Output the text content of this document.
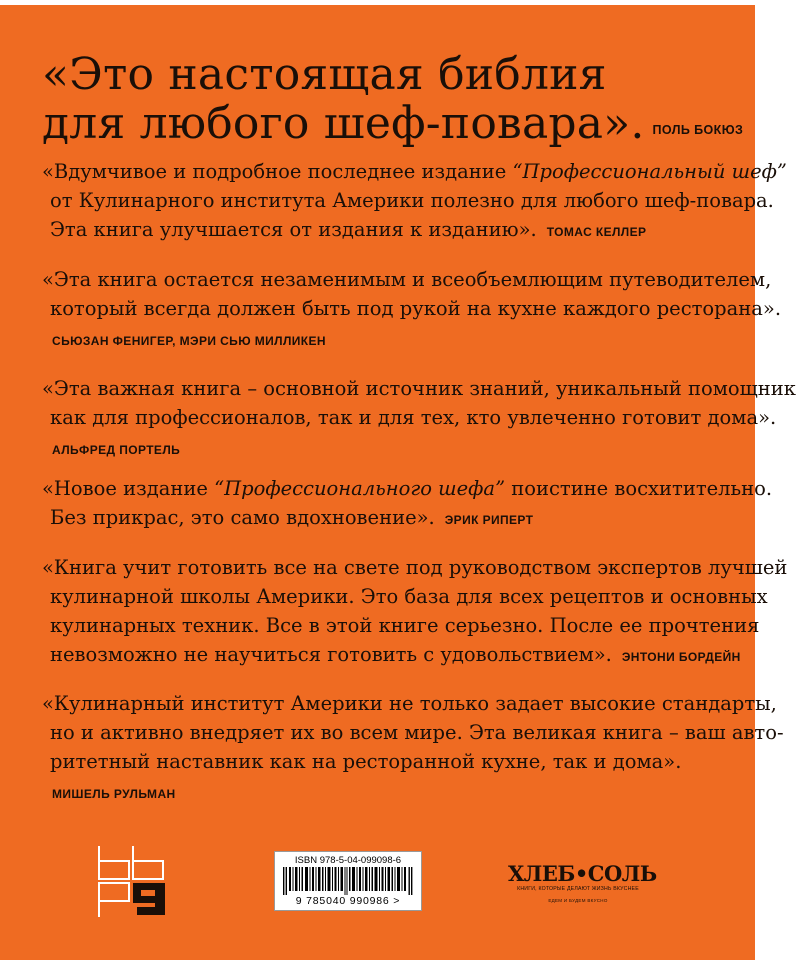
«Это настоящая библия
для любого шеф-повара». ПОЛЬ БОКЮЗ
«Вдумчивое и подробное последнее издание “Профессиональный шеф”
от Кулинарного института Америки полезно для любого шеф-повара.
Эта книга улучшается от издания к изданию». ТОМАС КЕЛЛЕР
«Эта книга остается незаменимым и всеобъемлющим путеводителем,
который всегда должен быть под рукой на кухне каждого ресторана».
СЬЮЗАН ФЕНИГЕР, МЭРИ СЬЮ МИЛЛИКЕН
«Эта важная книга – основной источник знаний, уникальный помощник
как для профессионалов, так и для тех, кто увлеченно готовит дома».
АЛЬФРЕД ПОРТЕЛЬ
«Новое издание “Профессионального шефа” поистине восхитительно.
Без прикрас, это само вдохновение». ЭРИК РИПЕРТ
«Книга учит готовить все на свете под руководством экспертов лучшей
кулинарной школы Америки. Это база для всех рецептов и основных
кулинарных техник. Все в этой книге серьезно. После ее прочтения
невозможно не научиться готовить с удовольствием». ЭНТОНИ БОРДЕЙН
«Кулинарный институт Америки не только задает высокие стандарты,
но и активно внедряет их во всем мире. Эта великая книга – ваш авто-
ритетный наставник как на ресторанной кухне, так и дома».
МИШЕЛЬ РУЛЬМАН
ISBN 978-5-04-099098-6
9 785040 990986 >
ХЛЕБ•СОЛЬ
КНИГИ, КОТОРЫЕ ДЕЛАЮТ ЖИЗНЬ ВКУСНЕЕ
ЕДЕМ И БУДЕМ ВКУСНО
